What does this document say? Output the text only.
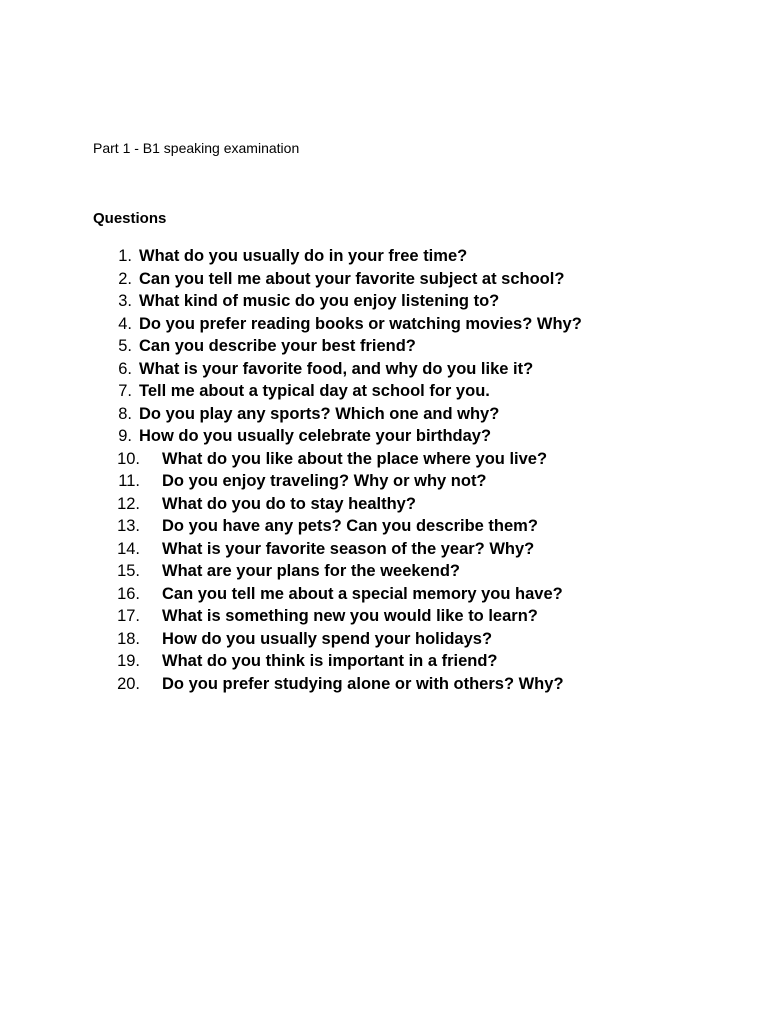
Part 1 - B1 speaking examination
Questions
1. What do you usually do in your free time?
2. Can you tell me about your favorite subject at school?
3. What kind of music do you enjoy listening to?
4. Do you prefer reading books or watching movies? Why?
5. Can you describe your best friend?
6. What is your favorite food, and why do you like it?
7. Tell me about a typical day at school for you.
8. Do you play any sports? Which one and why?
9. How do you usually celebrate your birthday?
10. What do you like about the place where you live?
11. Do you enjoy traveling? Why or why not?
12. What do you do to stay healthy?
13. Do you have any pets? Can you describe them?
14. What is your favorite season of the year? Why?
15. What are your plans for the weekend?
16. Can you tell me about a special memory you have?
17. What is something new you would like to learn?
18. How do you usually spend your holidays?
19. What do you think is important in a friend?
20. Do you prefer studying alone or with others? Why?
